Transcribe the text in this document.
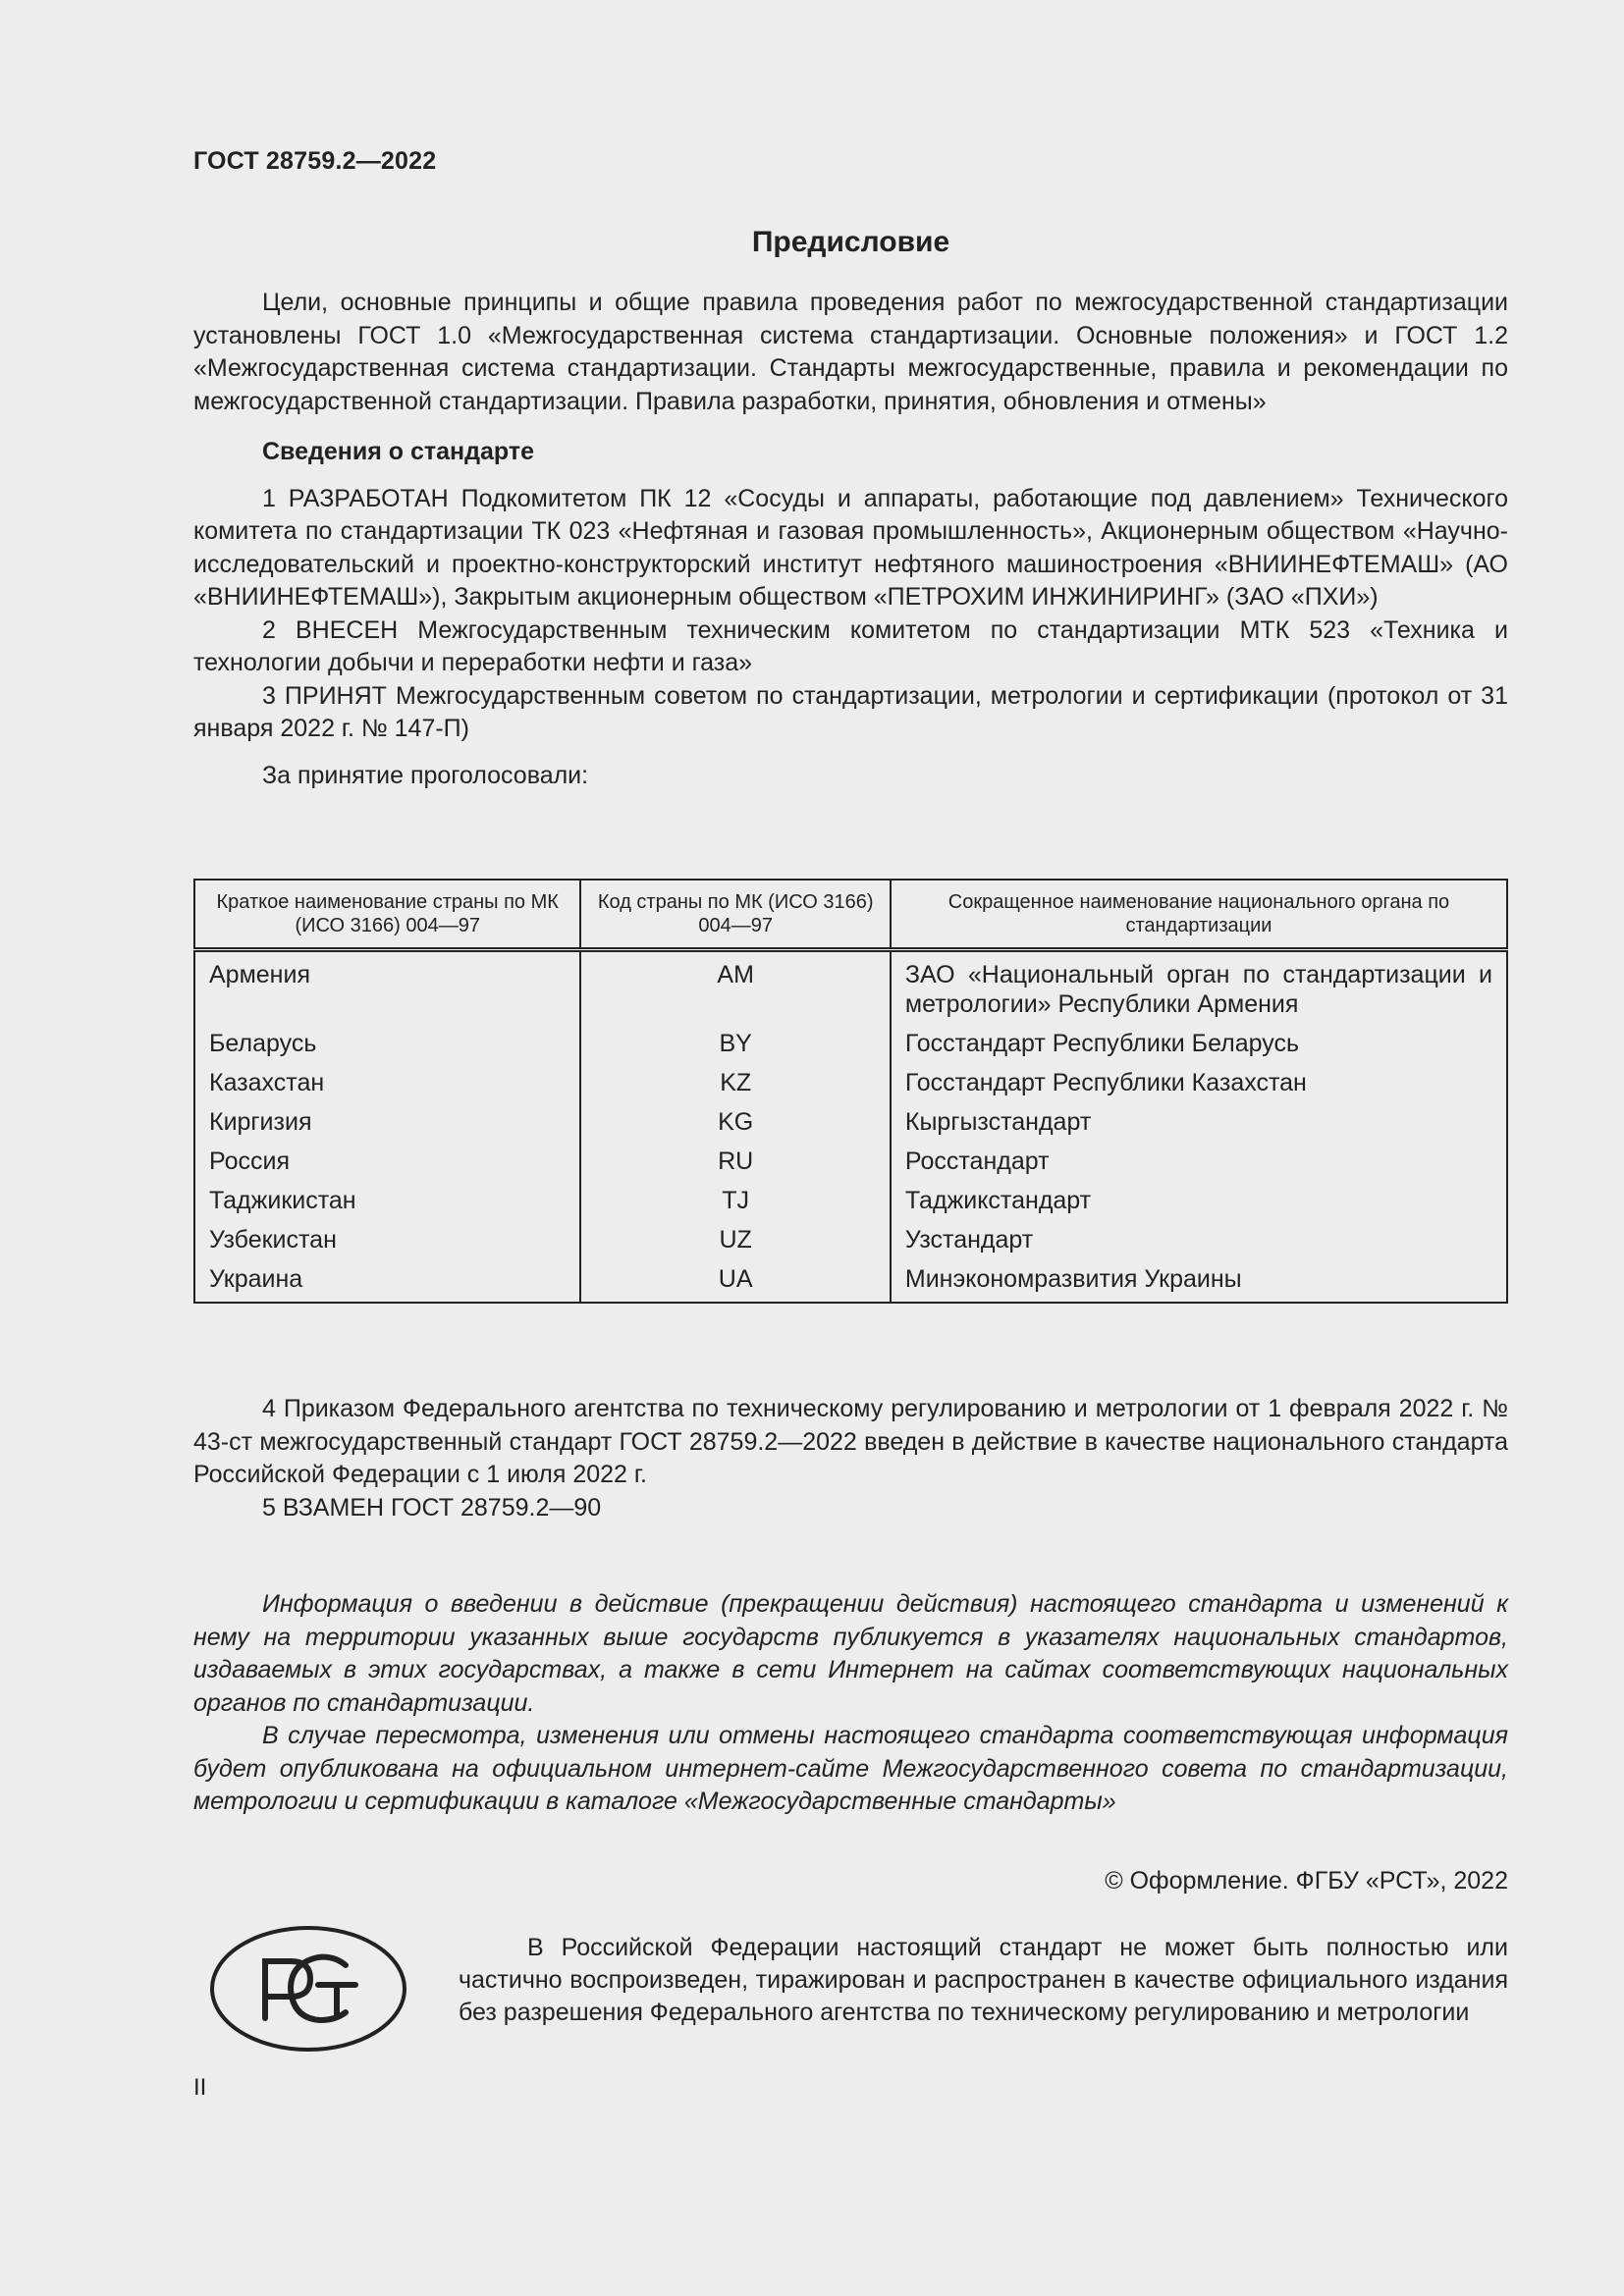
ГОСТ 28759.2—2022
Предисловие

Цели, основные принципы и общие правила проведения работ по межгосударственной стандартизации установлены ГОСТ 1.0 «Межгосударственная система стандартизации. Основные положения» и ГОСТ 1.2 «Межгосударственная система стандартизации. Стандарты межгосударственные, правила и рекомендации по межгосударственной стандартизации. Правила разработки, принятия, обновления и отмены»

Сведения о стандарте

1 РАЗРАБОТАН Подкомитетом ПК 12 «Сосуды и аппараты, работающие под давлением» Технического комитета по стандартизации ТК 023 «Нефтяная и газовая промышленность», Акционерным обществом «Научно-исследовательский и проектно-конструкторский институт нефтяного машиностроения «ВНИИНЕФТЕМАШ» (АО «ВНИИНЕФТЕМАШ»), Закрытым акционерным обществом «ПЕТРОХИМ ИНЖИНИРИНГ» (ЗАО «ПХИ»)

2 ВНЕСЕН Межгосударственным техническим комитетом по стандартизации МТК 523 «Техника и технологии добычи и переработки нефти и газа»

3 ПРИНЯТ Межгосударственным советом по стандартизации, метрологии и сертификации (протокол от 31 января 2022 г. № 147-П)

За принятие проголосовали:

Краткое наименование страны по МК (ИСО 3166) 004—97	Код страны по МК (ИСО 3166) 004—97	Сокращенное наименование национального органа по стандартизации
Армения	AM	ЗАО «Национальный орган по стандартизации и метрологии» Республики Армения
Беларусь	BY	Госстандарт Республики Беларусь
Казахстан	KZ	Госстандарт Республики Казахстан
Киргизия	KG	Кыргызстандарт
Россия	RU	Росстандарт
Таджикистан	TJ	Таджикстандарт
Узбекистан	UZ	Узстандарт
Украина	UA	Минэкономразвития Украины

4 Приказом Федерального агентства по техническому регулированию и метрологии от 1 февраля 2022 г. № 43-ст межгосударственный стандарт ГОСТ 28759.2—2022 введен в действие в качестве национального стандарта Российской Федерации с 1 июля 2022 г.

5 ВЗАМЕН ГОСТ 28759.2—90

Информация о введении в действие (прекращении действия) настоящего стандарта и изменений к нему на территории указанных выше государств публикуется в указателях национальных стандартов, издаваемых в этих государствах, а также в сети Интернет на сайтах соответствующих национальных органов по стандартизации.

В случае пересмотра, изменения или отмены настоящего стандарта соответствующая информация будет опубликована на официальном интернет-сайте Межгосударственного совета по стандартизации, метрологии и сертификации в каталоге «Межгосударственные стандарты»

© Оформление. ФГБУ «РСТ», 2022
PCT

В Российской Федерации настоящий стандарт не может быть полностью или частично воспроизведен, тиражирован и распространен в качестве официального издания без разрешения Федерального агентства по техническому регулированию и метрологии

II
